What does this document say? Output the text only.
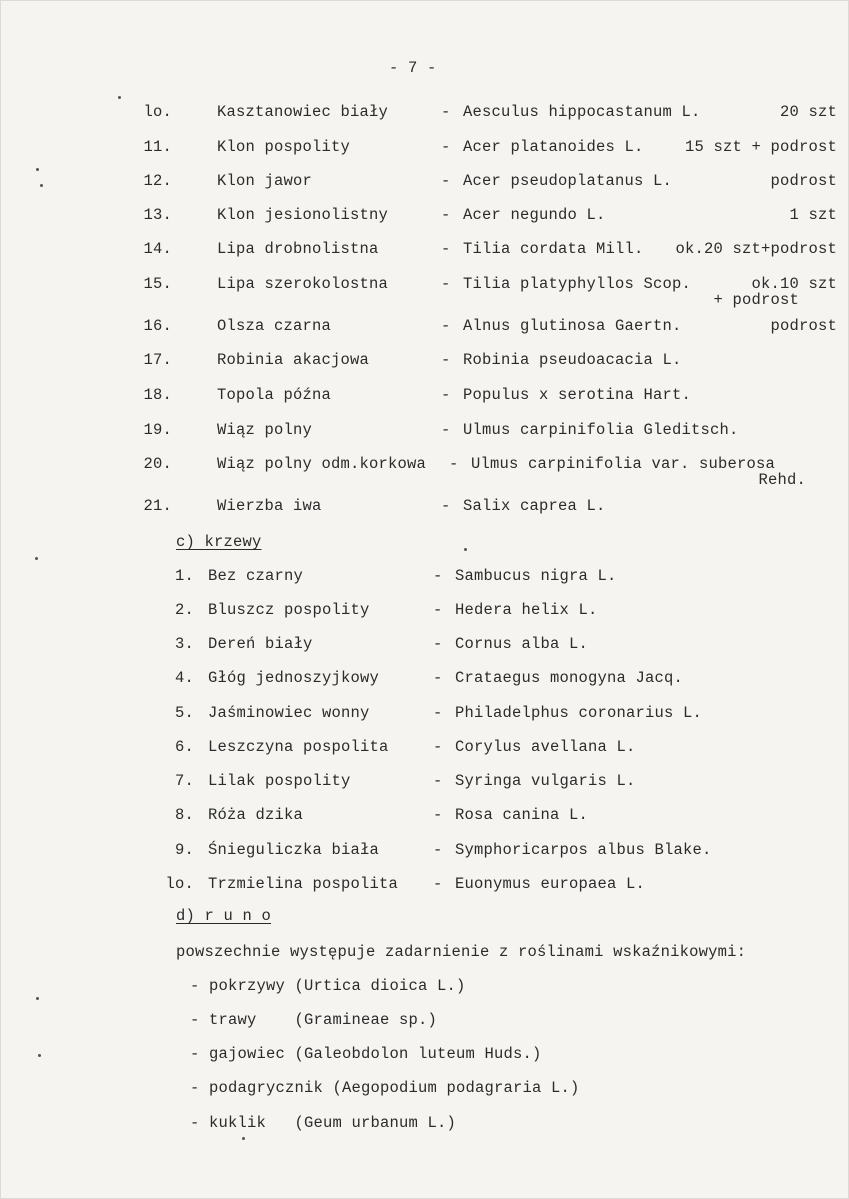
- 7 -
lo.	Kasztanowiec biały	- Aesculus hippocastanum L.	20 szt
11.	Klon pospolity	- Acer platanoides L.	15 szt + podrost
12.	Klon jawor	- Acer pseudoplatanus L.	podrost
13.	Klon jesionolistny	- Acer negundo L.	1 szt
14.	Lipa drobnolistna	- Tilia cordata Mill. ok.20 szt+podrost
15.	Lipa szerokolostna	- Tilia platyphyllos Scop.	ok.10 szt
+ podrost
16.	Olsza czarna	- Alnus glutinosa Gaertn.	podrost
17.	Robinia akacjowa	- Robinia pseudoacacia L.
18.	Topola późna	- Populus x serotina Hart.
19.	Wiąz polny	- Ulmus carpinifolia Gleditsch.
20.	Wiąz polny odm.korkowa - Ulmus carpinifolia var. suberosa
Rehd.
21.	Wierzba iwa	- Salix caprea L.
c) krzewy
1. Bez czarny	- Sambucus nigra L.
2. Bluszcz pospolity	- Hedera helix L.
3. Dereń biały	- Cornus alba L.
4. Głóg jednoszyjkowy	- Crataegus monogyna Jacq.
5. Jaśminowiec wonny	- Philadelphus coronarius L.
6. Leszczyna pospolita	- Corylus avellana L.
7. Lilak pospolity	- Syringa vulgaris L.
8. Róża dzika	- Rosa canina L.
9. Śnieguliczka biała	- Symphoricarpos albus Blake.
lo. Trzmielina pospolita - Euonymus europaea L.
d) r u n o
powszechnie występuje zadarnienie z roślinami wskaźnikowymi:
- pokrzywy (Urtica dioica L.)
- trawy    (Gramineae sp.)
- gajowiec (Galeobdolon luteum Huds.)
- podagrycznik (Aegopodium podagraria L.)
- kuklik   (Geum urbanum L.)
